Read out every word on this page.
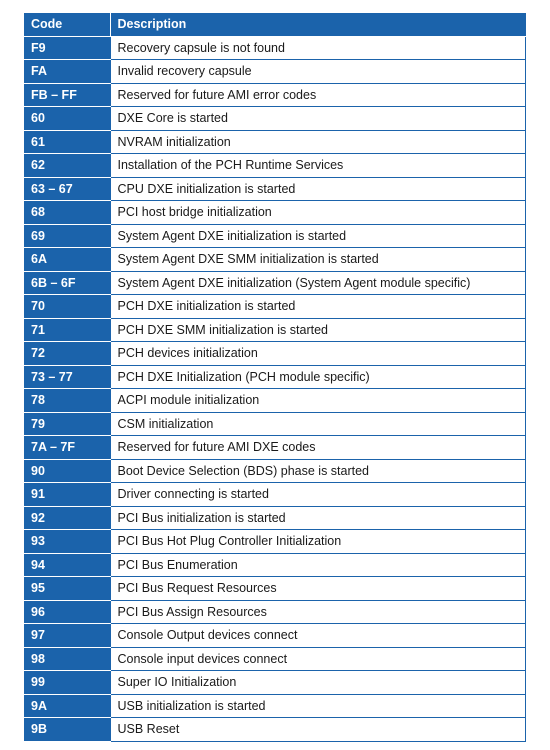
Code	Description
F9	Recovery capsule is not found
FA	Invalid recovery capsule
FB – FF	Reserved for future AMI error codes
60	DXE Core is started
61	NVRAM initialization
62	Installation of the PCH Runtime Services
63 – 67	CPU DXE initialization is started
68	PCI host bridge initialization
69	System Agent DXE initialization is started
6A	System Agent DXE SMM initialization is started
6B – 6F	System Agent DXE initialization (System Agent module specific)
70	PCH DXE initialization is started
71	PCH DXE SMM initialization is started
72	PCH devices initialization
73 – 77	PCH DXE Initialization (PCH module specific)
78	ACPI module initialization
79	CSM initialization
7A – 7F	Reserved for future AMI DXE codes
90	Boot Device Selection (BDS) phase is started
91	Driver connecting is started
92	PCI Bus initialization is started
93	PCI Bus Hot Plug Controller Initialization
94	PCI Bus Enumeration
95	PCI Bus Request Resources
96	PCI Bus Assign Resources
97	Console Output devices connect
98	Console input devices connect
99	Super IO Initialization
9A	USB initialization is started
9B	USB Reset
